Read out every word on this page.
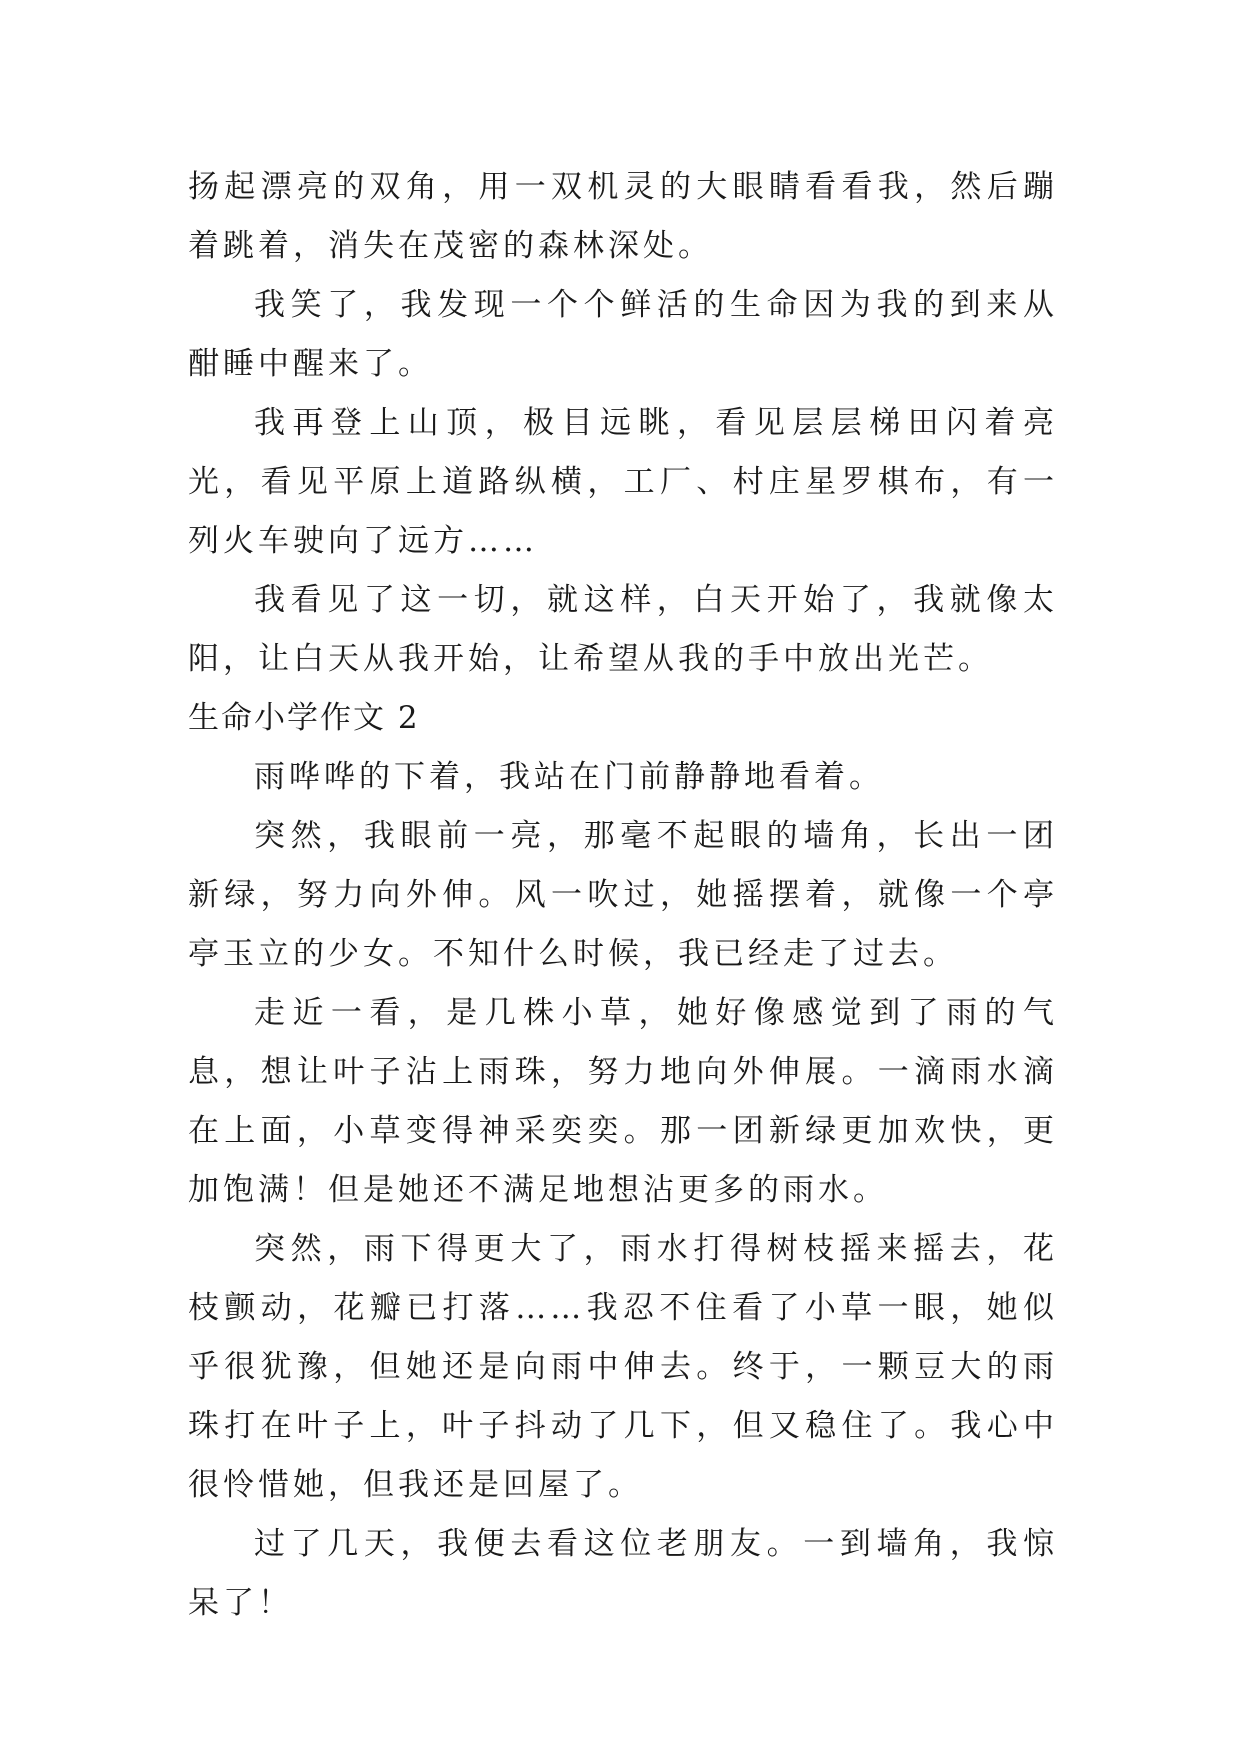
扬起漂亮的双角，用一双机灵的大眼睛看看我，然后蹦着跳着，消失在茂密的森林深处。

我笑了，我发现一个个鲜活的生命因为我的到来从酣睡中醒来了。

我再登上山顶，极目远眺，看见层层梯田闪着亮光，看见平原上道路纵横，工厂、村庄星罗棋布，有一列火车驶向了远方……

我看见了这一切，就这样，白天开始了，我就像太阳，让白天从我开始，让希望从我的手中放出光芒。

生命小学作文 2

雨哗哗的下着，我站在门前静静地看着。

突然，我眼前一亮，那毫不起眼的墙角，长出一团新绿，努力向外伸。风一吹过，她摇摆着，就像一个亭亭玉立的少女。不知什么时候，我已经走了过去。

走近一看，是几株小草，她好像感觉到了雨的气息，想让叶子沾上雨珠，努力地向外伸展。一滴雨水滴在上面，小草变得神采奕奕。那一团新绿更加欢快，更加饱满！但是她还不满足地想沾更多的雨水。

突然，雨下得更大了，雨水打得树枝摇来摇去，花枝颤动，花瓣已打落……我忍不住看了小草一眼，她似乎很犹豫，但她还是向雨中伸去。终于，一颗豆大的雨珠打在叶子上，叶子抖动了几下，但又稳住了。我心中很怜惜她，但我还是回屋了。

过了几天，我便去看这位老朋友。一到墙角，我惊呆了！
